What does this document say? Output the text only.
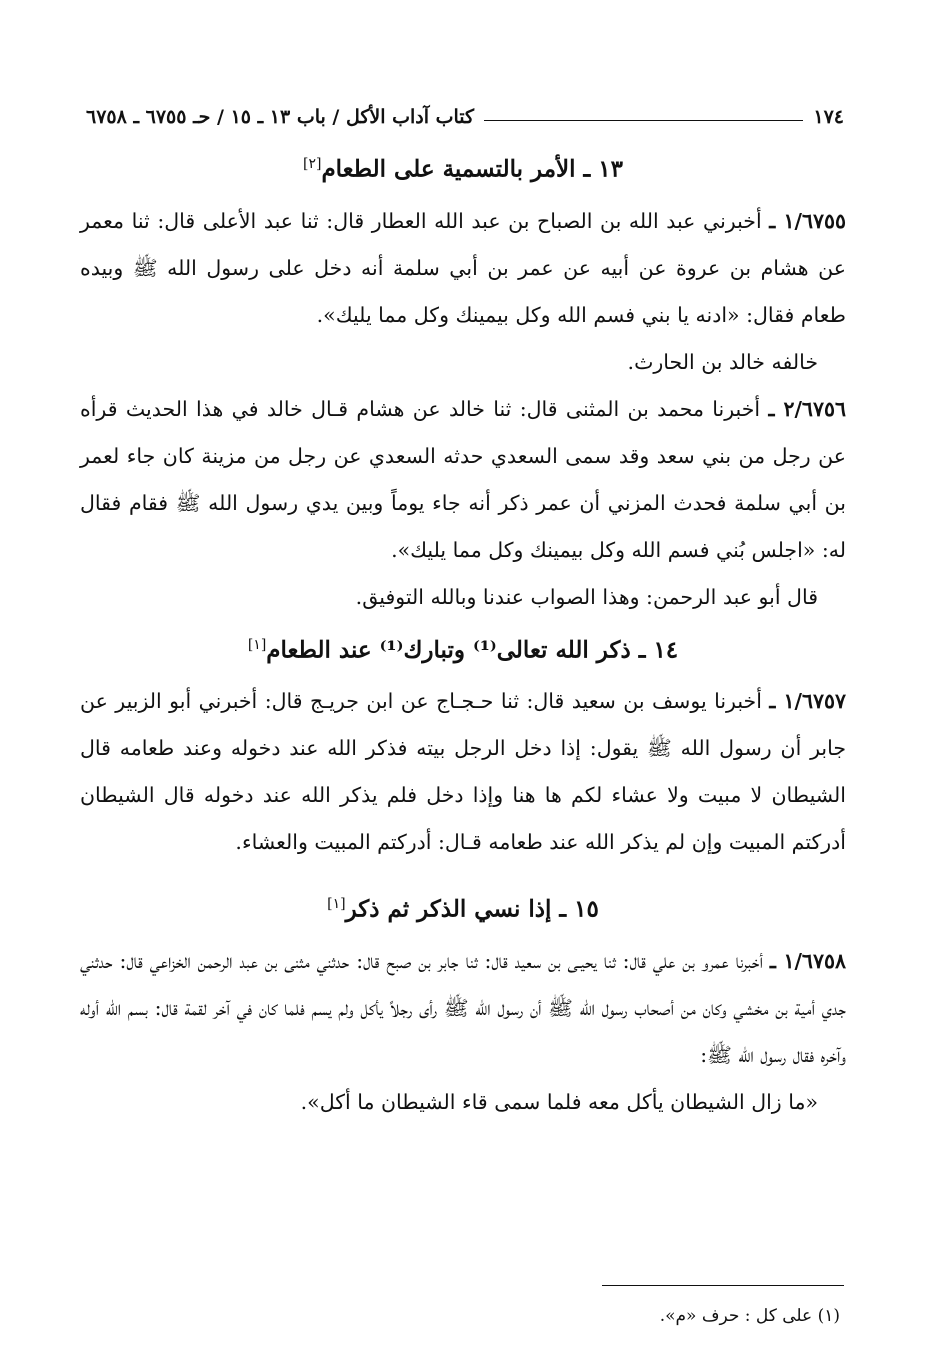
١٧٤
كتاب آداب الأكل / باب ١٣ ـ ١٥ / حـ ٦٧٥٥ ـ ٦٧٥٨
١٣ ـ الأمر بالتسمية على الطعام[٢]

١/٦٧٥٥ ـ أخبرني عبد الله بن الصباح بن عبد الله العطار قال: ثنا عبد الأعلى قال: ثنا معمر عن هشام بن عروة عن أبيه عن عمر بن أبي سلمة أنه دخل على رسول الله ﷺ وبيده طعام فقال: «ادنه يا بني فسم الله وكل بيمينك وكل مما يليك».

خالفه خالد بن الحارث.

٢/٦٧٥٦ ـ أخبرنا محمد بن المثنى قال: ثنا خالد عن هشام قـال خالد في هذا الحديث قرأه عن رجل من بني سعد وقد سمى السعدي حدثه السعدي عن رجل من مزينة كان جاء لعمر بن أبي سلمة فحدث المزني أن عمر ذكر أنه جاء يوماً وبين يدي رسول الله ﷺ فقام فقال له: «اجلس بُني فسم الله وكل بيمينك وكل مما يليك».

قال أبو عبد الرحمن: وهذا الصواب عندنا وبالله التوفيق.

١٤ ـ ذكر الله تعالى⁽¹⁾ وتبارك⁽¹⁾ عند الطعام[١]

١/٦٧٥٧ ـ أخبرنا يوسف بن سعيد قال: ثنا حـجـاج عن ابن جريـج قال: أخبرني أبو الزبير عن جابر أن رسول الله ﷺ يقول: إذا دخل الرجل بيته فذكر الله عند دخوله وعند طعامه قال الشيطان لا مبيت ولا عشاء لكم ها هنا وإذا دخل فلم يذكر الله عند دخوله قال الشيطان أدركتم المبيت وإن لم يذكر الله عند طعامه قـال: أدركتم المبيت والعشاء.

١٥ ـ إذا نسي الذكر ثم ذكر[١]

١/٦٧٥٨ ـ أخبرنا عمرو بن علي قال: ثنا يحيـى بن سعيد قال: ثنا جابر بن صبح قال: حدثني مثنى بن عبد الرحمن الخزاعي قال: حدثني جدي أمية بن مخشي وكان من أصحاب رسول الله ﷺ أن رسول الله ﷺ رأى رجلاً يأكل ولم يسم فلما كان في آخر لقمة قال: بسم الله أوله وآخره فقال رسول الله ﷺ:

«ما زال الشيطان يأكل معه فلما سمى قاء الشيطان ما أكل».

(١) على كل : حرف «م».
